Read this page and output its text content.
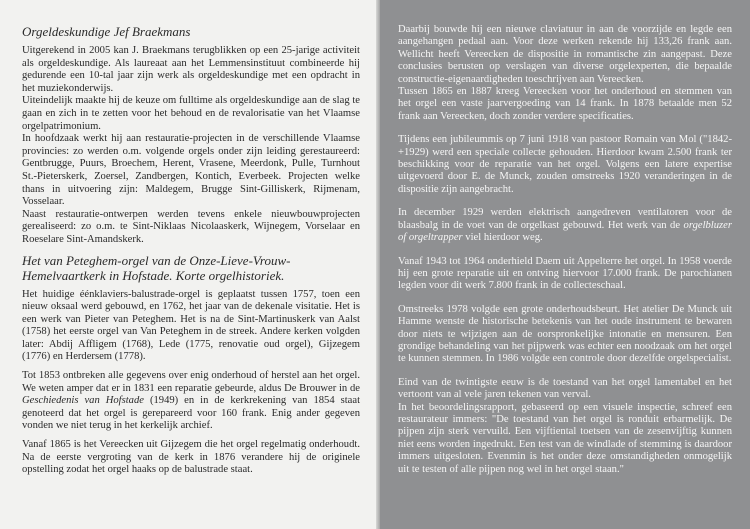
Orgeldeskundige Jef Braekmans

Uitgerekend in 2005 kan J. Braekmans terugblikken op een 25-jarige activiteit als orgeldeskundige. Als laureaat aan het Lemmensinstituut combineerde hij gedurende een 10-tal jaar zijn werk als orgeldeskundige met een opdracht in het muziekonderwijs.

Uiteindelijk maakte hij de keuze om fulltime als orgeldeskundige aan de slag te gaan en zich in te zetten voor het behoud en de revalorisatie van het Vlaamse orgelpatrimonium.

In hoofdzaak werkt hij aan restauratie-projecten in de verschillende Vlaamse provincies: zo werden o.m. volgende orgels onder zijn leiding gerestaureerd: Gentbrugge, Puurs, Broechem, Herent, Vrasene, Meerdonk, Pulle, Turnhout St.-Pieterskerk, Zoersel, Zandbergen, Kontich, Everbeek. Projecten welke thans in uitvoering zijn: Maldegem, Brugge Sint-Gilliskerk, Rijmenam, Vosselaar.

Naast restauratie-ontwerpen werden tevens enkele nieuwbouwprojecten gerealiseerd: zo o.m. te Sint-Niklaas Nicolaaskerk, Wijnegem, Vorselaar en Roeselare Sint-Amandskerk.

Het van Peteghem-orgel van de Onze-Lieve-Vrouw-Hemelvaartkerk in Hofstade. Korte orgelhistoriek.

Het huidige éénklaviers-balustrade-orgel is geplaatst tussen 1757, toen een nieuw oksaal werd gebouwd, en 1762, het jaar van de dekenale visitatie. Het is een werk van Pieter van Peteghem. Het is na de Sint-Martinuskerk van Aalst (1758) het eerste orgel van Van Peteghem in de streek. Andere kerken volgden later: Abdij Affligem (1768), Lede (1775, renovatie oud orgel), Gijzegem (1776) en Herdersem (1778).

Tot 1853 ontbreken alle gegevens over enig onderhoud of herstel aan het orgel. We weten amper dat er in 1831 een reparatie gebeurde, aldus De Brouwer in de Geschiedenis van Hofstade (1949) en in de kerkrekening van 1854 staat genoteerd dat het orgel is gerepareerd voor 160 frank. Enig ander gegeven vonden we niet terug in het kerkelijk archief.

Vanaf 1865 is het Vereecken uit Gijzegem die het orgel regelmatig onderhoudt. Na de eerste vergroting van de kerk in 1876 verandere hij de originele opstelling zodat het orgel haaks op de balustrade staat.

Daarbij bouwde hij een nieuwe claviatuur in aan de voorzijde en legde een aangehangen pedaal aan. Voor deze werken rekende hij 133,26 frank aan. Wellicht heeft Vereecken de dispositie in romantische zin aangepast. Deze conclusies berusten op verslagen van diverse orgelexperten, die bepaalde constructie-eigenaardigheden toeschrijven aan Vereecken.

Tussen 1865 en 1887 kreeg Vereecken voor het onderhoud en stemmen van het orgel een vaste jaarvergoeding van 14 frank. In 1878 betaalde men 52 frank aan Vereecken, doch zonder verdere specificaties.

Tijdens een jubileummis op 7 juni 1918 van pastoor Romain van Mol ("1842-+1929) werd een speciale collecte gehouden. Hierdoor kwam 2.500 frank ter beschikking voor de reparatie van het orgel. Volgens een latere expertise uitgevoerd door E. de Munck, zouden omstreeks 1920 veranderingen in de dispositie zijn aangebracht.

In december 1929 werden elektrisch aangedreven ventilatoren voor de blaasbalg in de voet van de orgelkast gebouwd. Het werk van de orgelbluzer of orgeltrapper viel hierdoor weg.

Vanaf 1943 tot 1964 onderhield Daem uit Appelterre het orgel. In 1958 voerde hij een grote reparatie uit en ontving hiervoor 17.000 frank. De parochianen legden voor dit werk 7.800 frank in de collecteschaal.

Omstreeks 1978 volgde een grote onderhoudsbeurt. Het atelier De Munck uit Hamme wenste de historische betekenis van het oude instrument te bewaren door niets te wijzigen aan de oorspronkelijke intonatie en mensuren. Een grondige behandeling van het pijpwerk was echter een noodzaak om het orgel te kunnen stemmen. In 1986 volgde een controle door dezelfde orgelspecialist.

Eind van de twintigste eeuw is de toestand van het orgel lamentabel en het vertoont van al vele jaren tekenen van verval.

In het beoordelingsrapport, gebaseerd op een visuele inspectie, schreef een restaurateur immers: "De toestand van het orgel is ronduit erbarmelijk. De pijpen zijn sterk vervuild. Een vijftiental toetsen van de zesenvijftig kunnen niet eens worden ingedrukt. Een test van de windlade of stemming is daardoor immers uitgesloten. Evenmin is het onder deze omstandigheden onmogelijk uit te testen of alle pijpen nog wel in het orgel staan."
